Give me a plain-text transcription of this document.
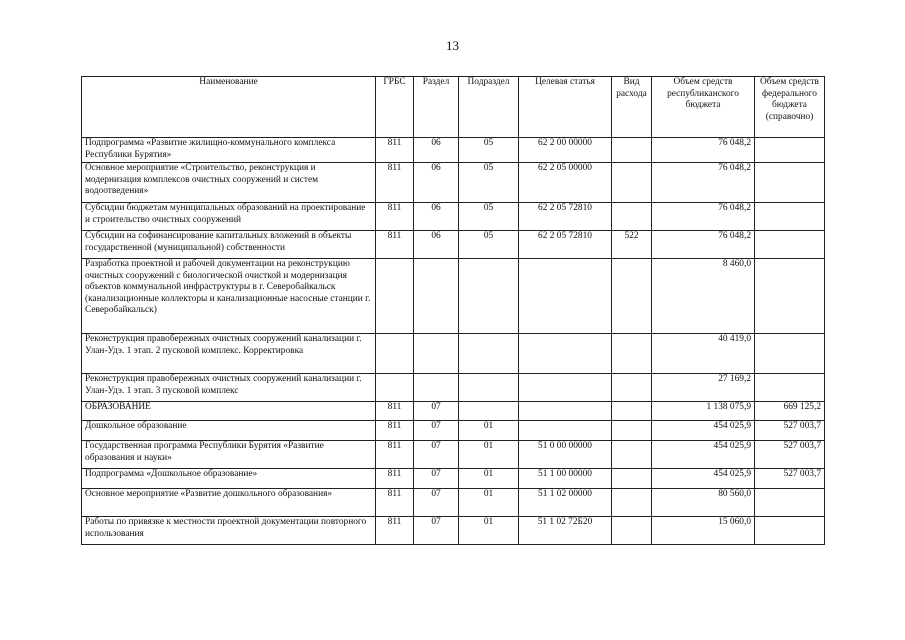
13
Наименование	ГРБС	Раздел	Подраздел	Целевая статья	Вид расхода	Объем средств республиканского бюджета	Объем средств федерального бюджета (справочно)
Подпрограмма «Развитие жилищно-коммунального комплекса Республики Бурятия»	811	06	05	62 2 00 00000		76 048,2	
Основное мероприятие «Строительство, реконструкция и модернизация комплексов очистных сооружений и систем водоотведения»	811	06	05	62 2 05 00000		76 048,2	
Субсидии бюджетам муниципальных образований на проектирование и строительство очистных сооружений	811	06	05	62 2 05 72810		76 048,2	
Субсидии на софинансирование капитальных вложений в объекты государственной (муниципальной) собственности	811	06	05	62 2 05 72810	522	76 048,2	
Разработка проектной и рабочей документации на реконструкцию очистных сооружений с биологической очисткой и модернизация объектов коммунальной инфраструктуры в г. Северобайкальск (канализационные коллекторы и канализационные насосные станции г. Северобайкальск)						8 460,0	
Реконструкция правобережных очистных сооружений канализации г. Улан-Удэ. 1 этап. 2 пусковой комплекс. Корректировка						40 419,0	
Реконструкция правобережных очистных сооружений канализации г. Улан-Удэ. 1 этап. 3 пусковой комплекс						27 169,2	
ОБРАЗОВАНИЕ	811	07				1 138 075,9	669 125,2
Дошкольное образование	811	07	01			454 025,9	527 003,7
Государственная программа Республики Бурятия «Развитие образования и науки»	811	07	01	51 0 00 00000		454 025,9	527 003,7
Подпрограмма «Дошкольное образование»	811	07	01	51 1 00 00000		454 025,9	527 003,7
Основное мероприятие «Развитие дошкольного образования»	811	07	01	51 1 02 00000		80 560,0	
Работы по привязке к местности проектной документации повторного использования	811	07	01	51 1 02 72Б20		15 060,0	
